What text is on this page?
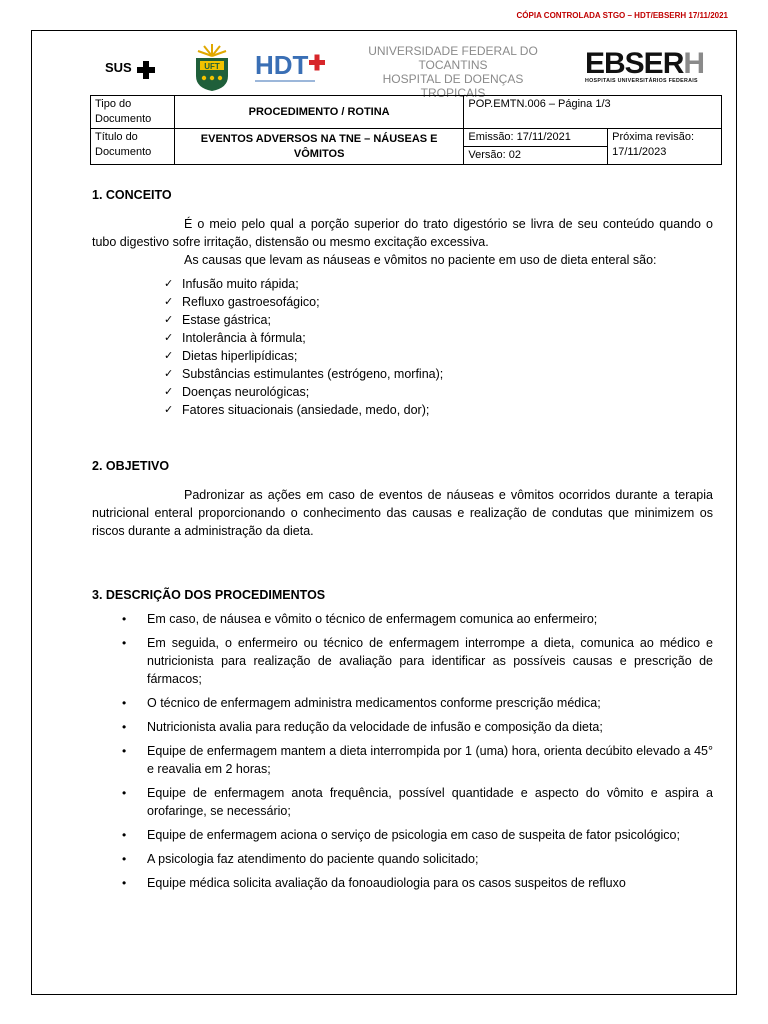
CÓPIA CONTROLADA STGO – HDT/EBSERH 17/11/2021
SUS	UFT HDT	UNIVERSIDADE FEDERAL DO
TOCANTINS
HOSPITAL DE DOENÇAS TROPICAIS
EBSERH
HOSPITAIS UNIVERSITÁRIOS FEDERAIS
Tipo do Documento	PROCEDIMENTO / ROTINA	POP.EMTN.006 – Página 1/3	
Título do Documento	EVENTOS ADVERSOS NA TNE – NÁUSEAS E VÔMITOS	Emissão: 17/11/2021	Próxima revisão: 17/11/2023
		Versão: 02	
1. CONCEITO

É o meio pelo qual a porção superior do trato digestório se livra de seu conteúdo quando o tubo digestivo sofre irritação, distensão ou mesmo excitação excessiva.

As causas que levam as náuseas e vômitos no paciente em uso de dieta enteral são:

✓ Infusão muito rápida;
✓ Refluxo gastroesofágico;
✓ Estase gástrica;
✓ Intolerância à fórmula;
✓ Dietas hiperlipídicas;
✓ Substâncias estimulantes (estrógeno, morfina);
✓ Doenças neurológicas;
✓ Fatores situacionais (ansiedade, medo, dor);
2. OBJETIVO

Padronizar as ações em caso de eventos de náuseas e vômitos ocorridos durante a terapia nutricional enteral proporcionando o conhecimento das causas e realização de condutas que minimizem os riscos durante a administração da dieta.

3. DESCRIÇÃO DOS PROCEDIMENTOS
• Em caso, de náusea e vômito o técnico de enfermagem comunica ao enfermeiro;
• Em seguida, o enfermeiro ou técnico de enfermagem interrompe a dieta, comunica ao médico e nutricionista para realização de avaliação para identificar as possíveis causas e prescrição de fármacos;
• O técnico de enfermagem administra medicamentos conforme prescrição médica;
• Nutricionista avalia para redução da velocidade de infusão e composição da dieta;
• Equipe de enfermagem mantem a dieta interrompida por 1 (uma) hora, orienta decúbito elevado a 45° e reavalia em 2 horas;
• Equipe de enfermagem anota frequência, possível quantidade e aspecto do vômito e aspira a orofaringe, se necessário;
• Equipe de enfermagem aciona o serviço de psicologia em caso de suspeita de fator psicológico;
• A psicologia faz atendimento do paciente quando solicitado;
• Equipe médica solicita avaliação da fonoaudiologia para os casos suspeitos de refluxo
